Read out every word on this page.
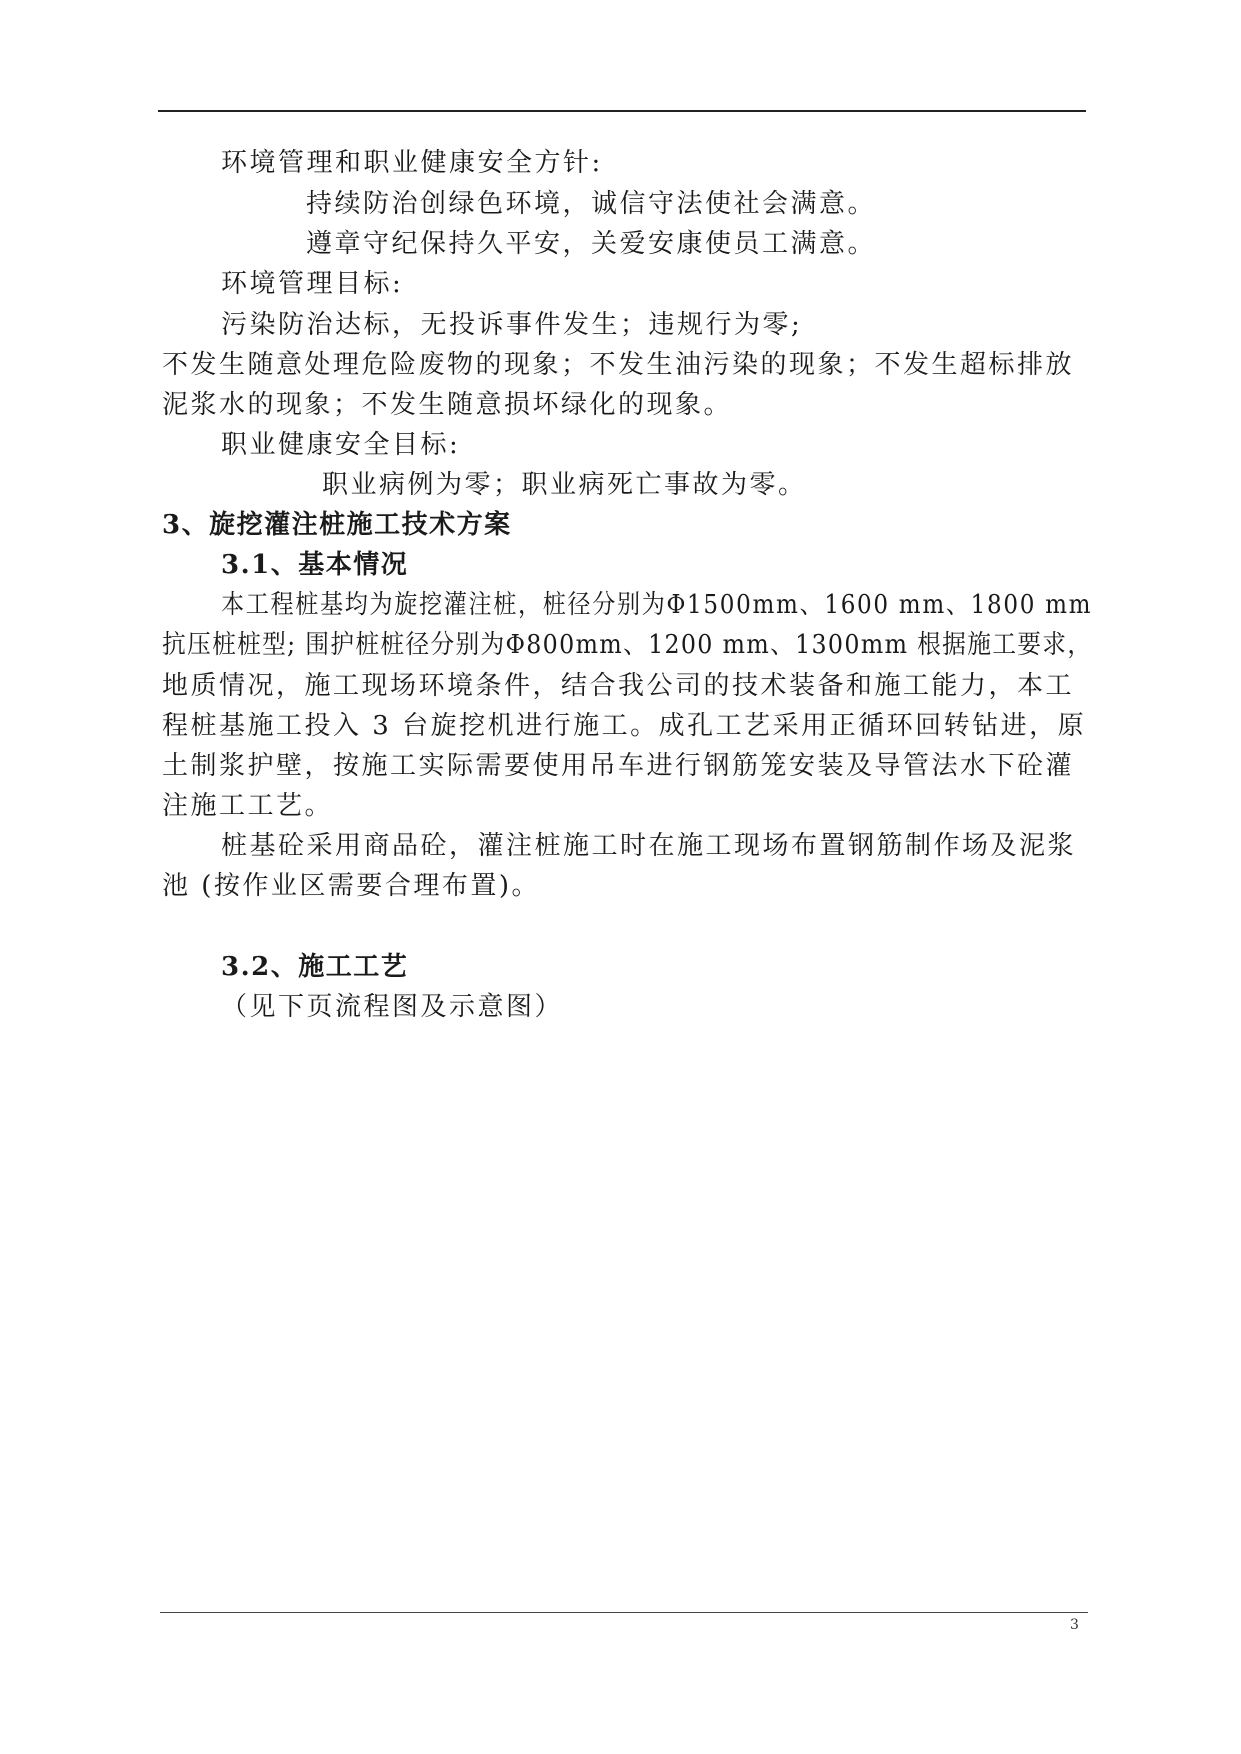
环境管理和职业健康安全方针:
持续防治创绿色环境，诚信守法使社会满意。
遵章守纪保持久平安，关爱安康使员工满意。
环境管理目标:
污染防治达标，无投诉事件发生；违规行为零;
不发生随意处理危险废物的现象；不发生油污染的现象；不发生超标排放
泥浆水的现象；不发生随意损坏绿化的现象。
职业健康安全目标:
职业病例为零；职业病死亡事故为零。
3、旋挖灌注桩施工技术方案
3.1、基本情况
本工程桩基均为旋挖灌注桩，桩径分别为Φ1500mm、1600 mm、1800 mm
抗压桩桩型; 围护桩桩径分别为Φ800mm、1200 mm、1300mm 根据施工要求，
地质情况，施工现场环境条件，结合我公司的技术装备和施工能力，本工
程桩基施工投入 3 台旋挖机进行施工。成孔工艺采用正循环回转钻进，原
土制浆护壁，按施工实际需要使用吊车进行钢筋笼安装及导管法水下砼灌
注施工工艺。
桩基砼采用商品砼，灌注桩施工时在施工现场布置钢筋制作场及泥浆
池 (按作业区需要合理布置)。
3.2、施工工艺
（见下页流程图及示意图）
3
